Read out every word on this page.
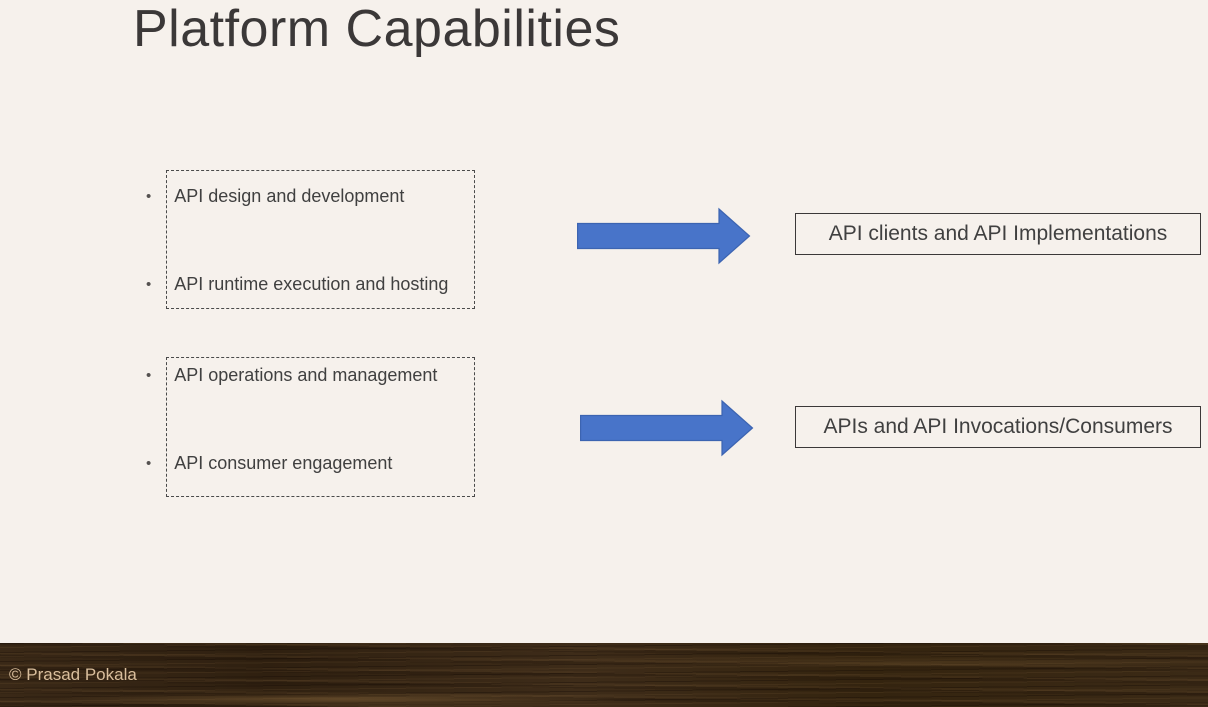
Platform Capabilities
• API design and development
• API runtime execution and hosting
• API operations and management
• API consumer engagement
API clients and API Implementations
APIs and API Invocations/Consumers
© Prasad Pokala
